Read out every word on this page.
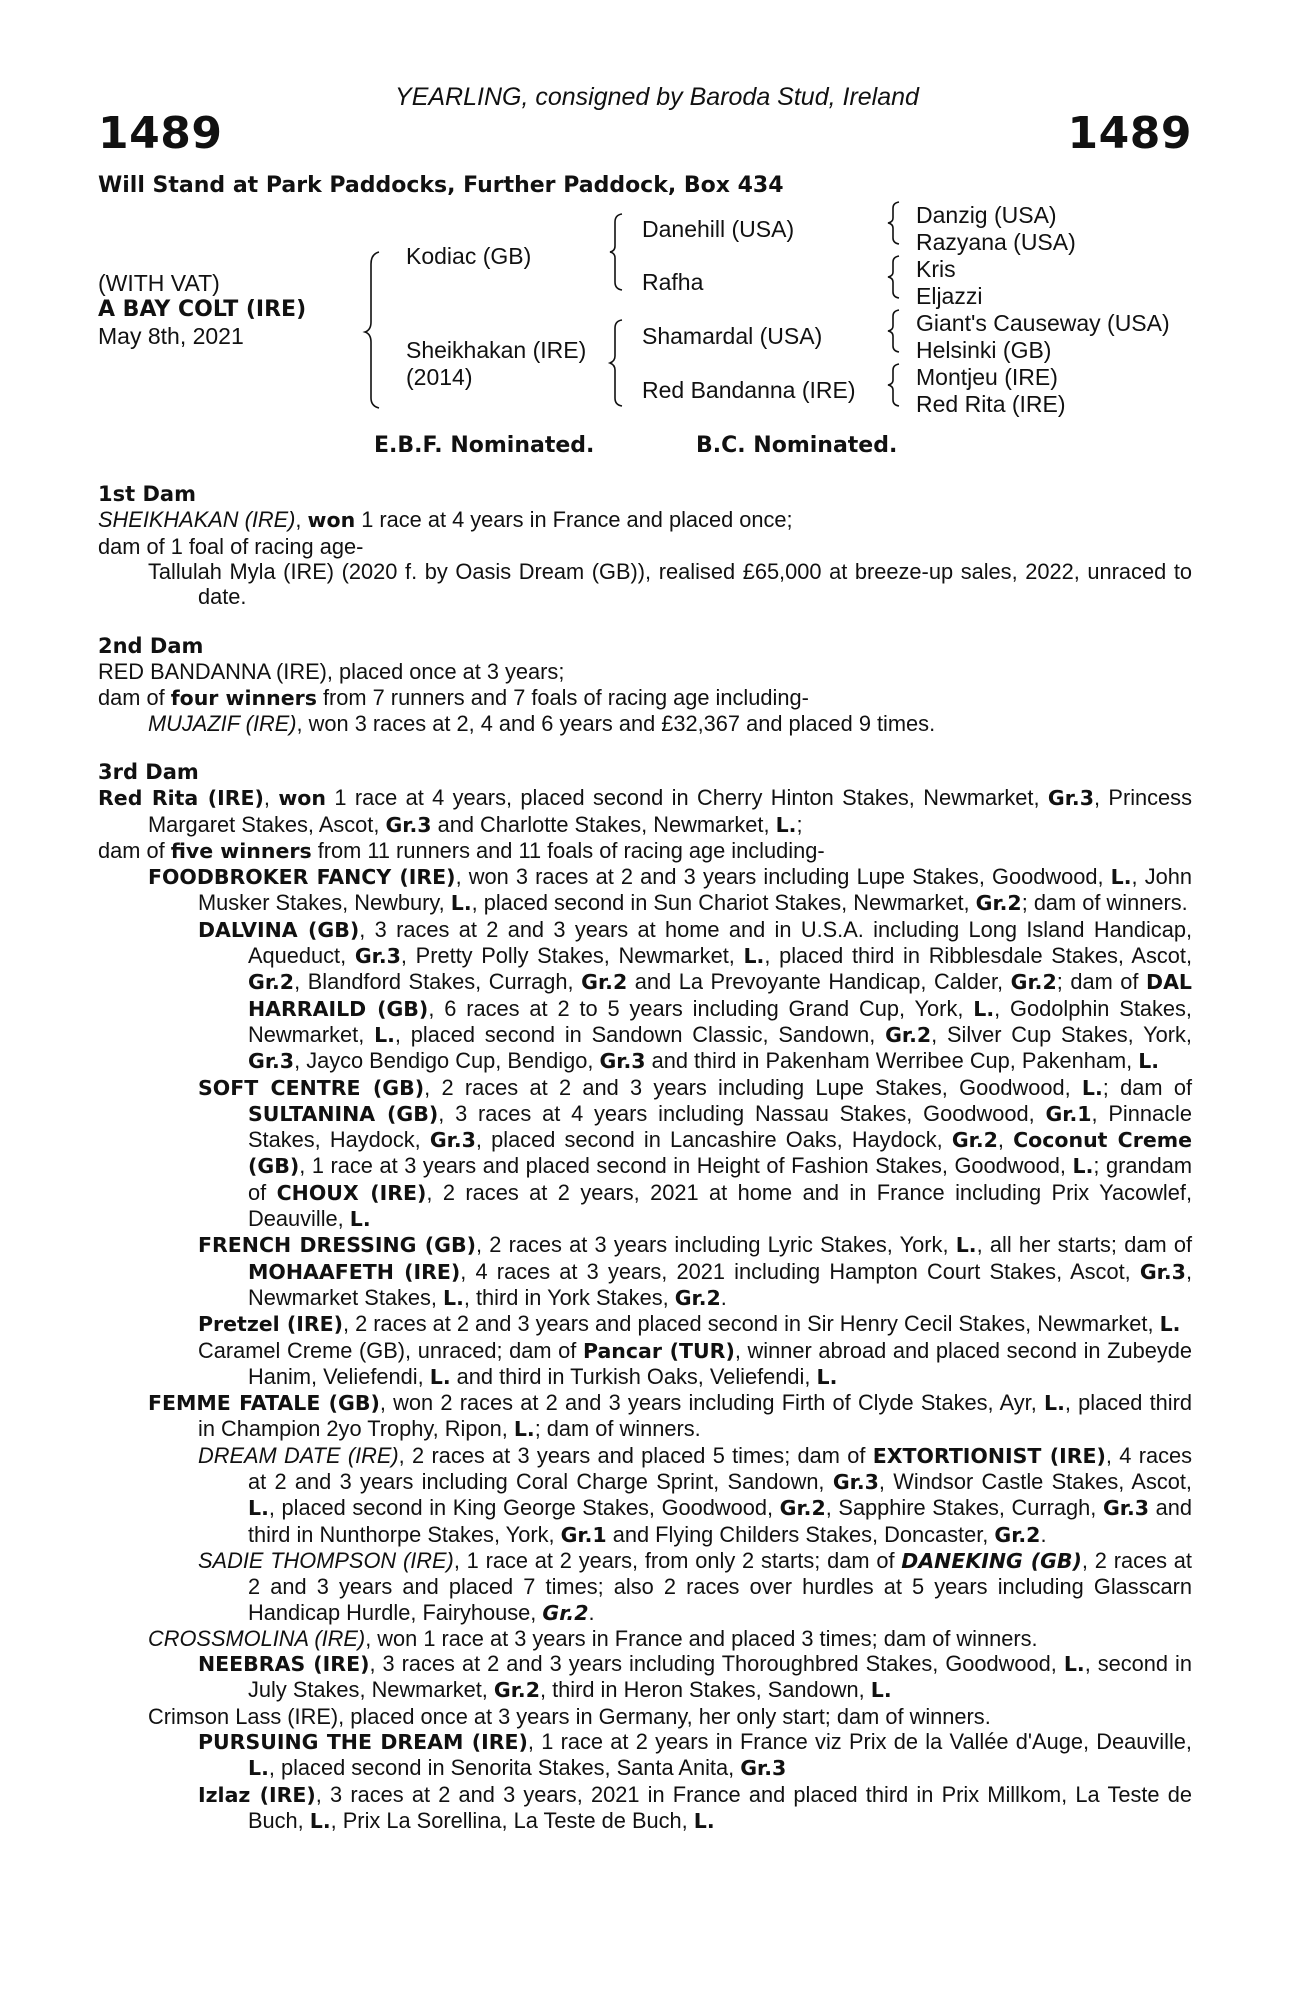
YEARLING, consigned by Baroda Stud, Ireland
1489	1489
Will Stand at Park Paddocks, Further Paddock, Box 434
(WITH VAT)
A BAY COLT (IRE)
May 8th, 2021
Kodiac (GB)
Sheikhakan (IRE)
(2014)
Danehill (USA)
Rafha
Shamardal (USA)
Red Bandanna (IRE)
Danzig (USA)
Razyana (USA)
Kris
Eljazzi
Giant's Causeway (USA)
Helsinki (GB)
Montjeu (IRE)
Red Rita (IRE)
E.B.F. Nominated.	B.C. Nominated.

1st Dam

SHEIKHAKAN (IRE), won 1 race at 4 years in France and placed once;

dam of 1 foal of racing age-

Tallulah Myla (IRE) (2020 f. by Oasis Dream (GB)), realised £65,000 at breeze-up sales, 2022, unraced to date.

2nd Dam

RED BANDANNA (IRE), placed once at 3 years;

dam of four winners from 7 runners and 7 foals of racing age including-

MUJAZIF (IRE), won 3 races at 2, 4 and 6 years and £32,367 and placed 9 times.

3rd Dam

Red Rita (IRE), won 1 race at 4 years, placed second in Cherry Hinton Stakes, Newmarket, Gr.3, Princess Margaret Stakes, Ascot, Gr.3 and Charlotte Stakes, Newmarket, L.;

dam of five winners from 11 runners and 11 foals of racing age including-

FOODBROKER FANCY (IRE), won 3 races at 2 and 3 years including Lupe Stakes, Goodwood, L., John Musker Stakes, Newbury, L., placed second in Sun Chariot Stakes, Newmarket, Gr.2; dam of winners.

DALVINA (GB), 3 races at 2 and 3 years at home and in U.S.A. including Long Island Handicap, Aqueduct, Gr.3, Pretty Polly Stakes, Newmarket, L., placed third in Ribblesdale Stakes, Ascot, Gr.2, Blandford Stakes, Curragh, Gr.2 and La Prevoyante Handicap, Calder, Gr.2; dam of DAL HARRAILD (GB), 6 races at 2 to 5 years including Grand Cup, York, L., Godolphin Stakes, Newmarket, L., placed second in Sandown Classic, Sandown, Gr.2, Silver Cup Stakes, York, Gr.3, Jayco Bendigo Cup, Bendigo, Gr.3 and third in Pakenham Werribee Cup, Pakenham, L.

SOFT CENTRE (GB), 2 races at 2 and 3 years including Lupe Stakes, Goodwood, L.; dam of SULTANINA (GB), 3 races at 4 years including Nassau Stakes, Goodwood, Gr.1, Pinnacle Stakes, Haydock, Gr.3, placed second in Lancashire Oaks, Haydock, Gr.2, Coconut Creme (GB), 1 race at 3 years and placed second in Height of Fashion Stakes, Goodwood, L.; grandam of CHOUX (IRE), 2 races at 2 years, 2021 at home and in France including Prix Yacowlef, Deauville, L.

FRENCH DRESSING (GB), 2 races at 3 years including Lyric Stakes, York, L., all her starts; dam of MOHAAFETH (IRE), 4 races at 3 years, 2021 including Hampton Court Stakes, Ascot, Gr.3, Newmarket Stakes, L., third in York Stakes, Gr.2.

Pretzel (IRE), 2 races at 2 and 3 years and placed second in Sir Henry Cecil Stakes, Newmarket, L.

Caramel Creme (GB), unraced; dam of Pancar (TUR), winner abroad and placed second in Zubeyde Hanim, Veliefendi, L. and third in Turkish Oaks, Veliefendi, L.

FEMME FATALE (GB), won 2 races at 2 and 3 years including Firth of Clyde Stakes, Ayr, L., placed third in Champion 2yo Trophy, Ripon, L.; dam of winners.

DREAM DATE (IRE), 2 races at 3 years and placed 5 times; dam of EXTORTIONIST (IRE), 4 races at 2 and 3 years including Coral Charge Sprint, Sandown, Gr.3, Windsor Castle Stakes, Ascot, L., placed second in King George Stakes, Goodwood, Gr.2, Sapphire Stakes, Curragh, Gr.3 and third in Nunthorpe Stakes, York, Gr.1 and Flying Childers Stakes, Doncaster, Gr.2.

SADIE THOMPSON (IRE), 1 race at 2 years, from only 2 starts; dam of DANEKING (GB), 2 races at 2 and 3 years and placed 7 times; also 2 races over hurdles at 5 years including Glasscarn Handicap Hurdle, Fairyhouse, Gr.2.

CROSSMOLINA (IRE), won 1 race at 3 years in France and placed 3 times; dam of winners.

NEEBRAS (IRE), 3 races at 2 and 3 years including Thoroughbred Stakes, Goodwood, L., second in July Stakes, Newmarket, Gr.2, third in Heron Stakes, Sandown, L.

Crimson Lass (IRE), placed once at 3 years in Germany, her only start; dam of winners.

PURSUING THE DREAM (IRE), 1 race at 2 years in France viz Prix de la Vallée d'Auge, Deauville, L., placed second in Senorita Stakes, Santa Anita, Gr.3

Izlaz (IRE), 3 races at 2 and 3 years, 2021 in France and placed third in Prix Millkom, La Teste de Buch, L., Prix La Sorellina, La Teste de Buch, L.
